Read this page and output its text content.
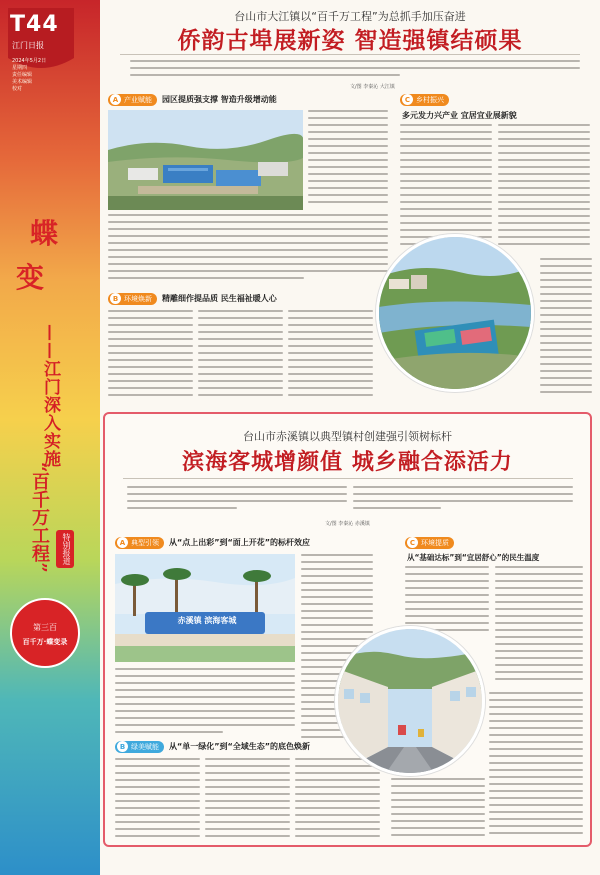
T44
江门日报
2024年5月2日
星期四
责任编辑
美术编辑
校对
蝶
变
——江门深入实施
“百千万工程”	特别报道
第三百
百千万·蝶变录
台山市大江镇以“百千万工程”为总抓手加压奋进
侨韵古埠展新姿 智造强镇结硕果
文/图 李秦沁 大江镇
A 产业赋能 园区提质强支撑 智造升级增动能
B 环境焕新 精雕细作提品质 民生福祉暖人心
C 乡村振兴
多元发力兴产业 宜居宜业展新貌
台山市赤溪镇以典型镇村创建强引领树标杆
滨海客城增颜值 城乡融合添活力
文/图 李秦沁 赤溪镇
A 典型引领 从“点上出彩”到“面上开花”的标杆效应
赤溪镇 滨海客城
B 绿美赋能 从“单一绿化”到“全域生态”的底色焕新
C 环境提质
从“基础达标”到“宜居舒心”的民生温度
